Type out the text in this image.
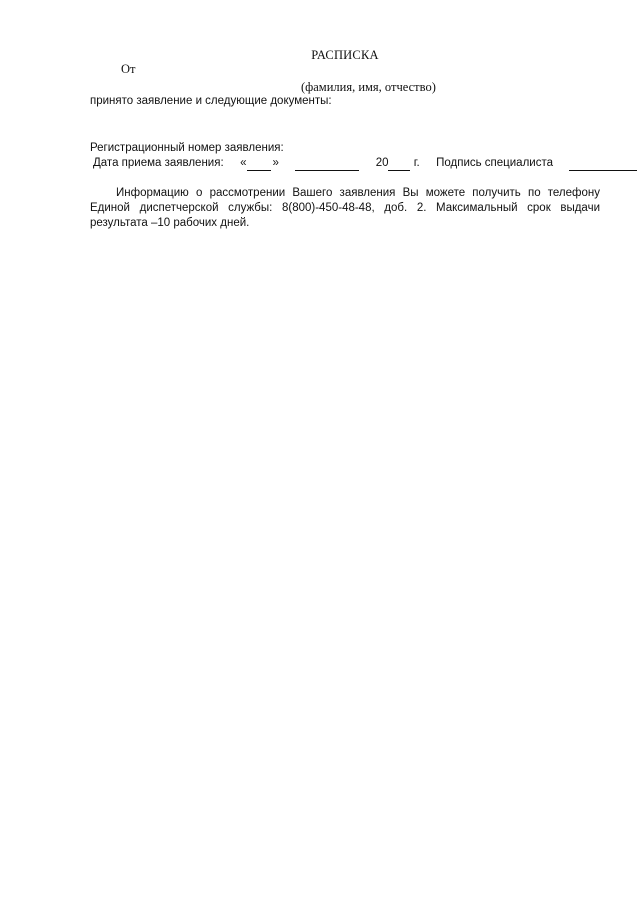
РАСПИСКА
От
(фамилия, имя, отчество)
принято заявление и следующие документы:
Регистрационный номер заявления:
Дата приема заявления: « »	20 г. Подпись специалиста
Информацию о рассмотрении Вашего заявления Вы можете получить по телефону
Единой диспетчерской службы: 8(800)-450-48-48, доб. 2. Максимальный срок выдачи
результата –10 рабочих дней.
